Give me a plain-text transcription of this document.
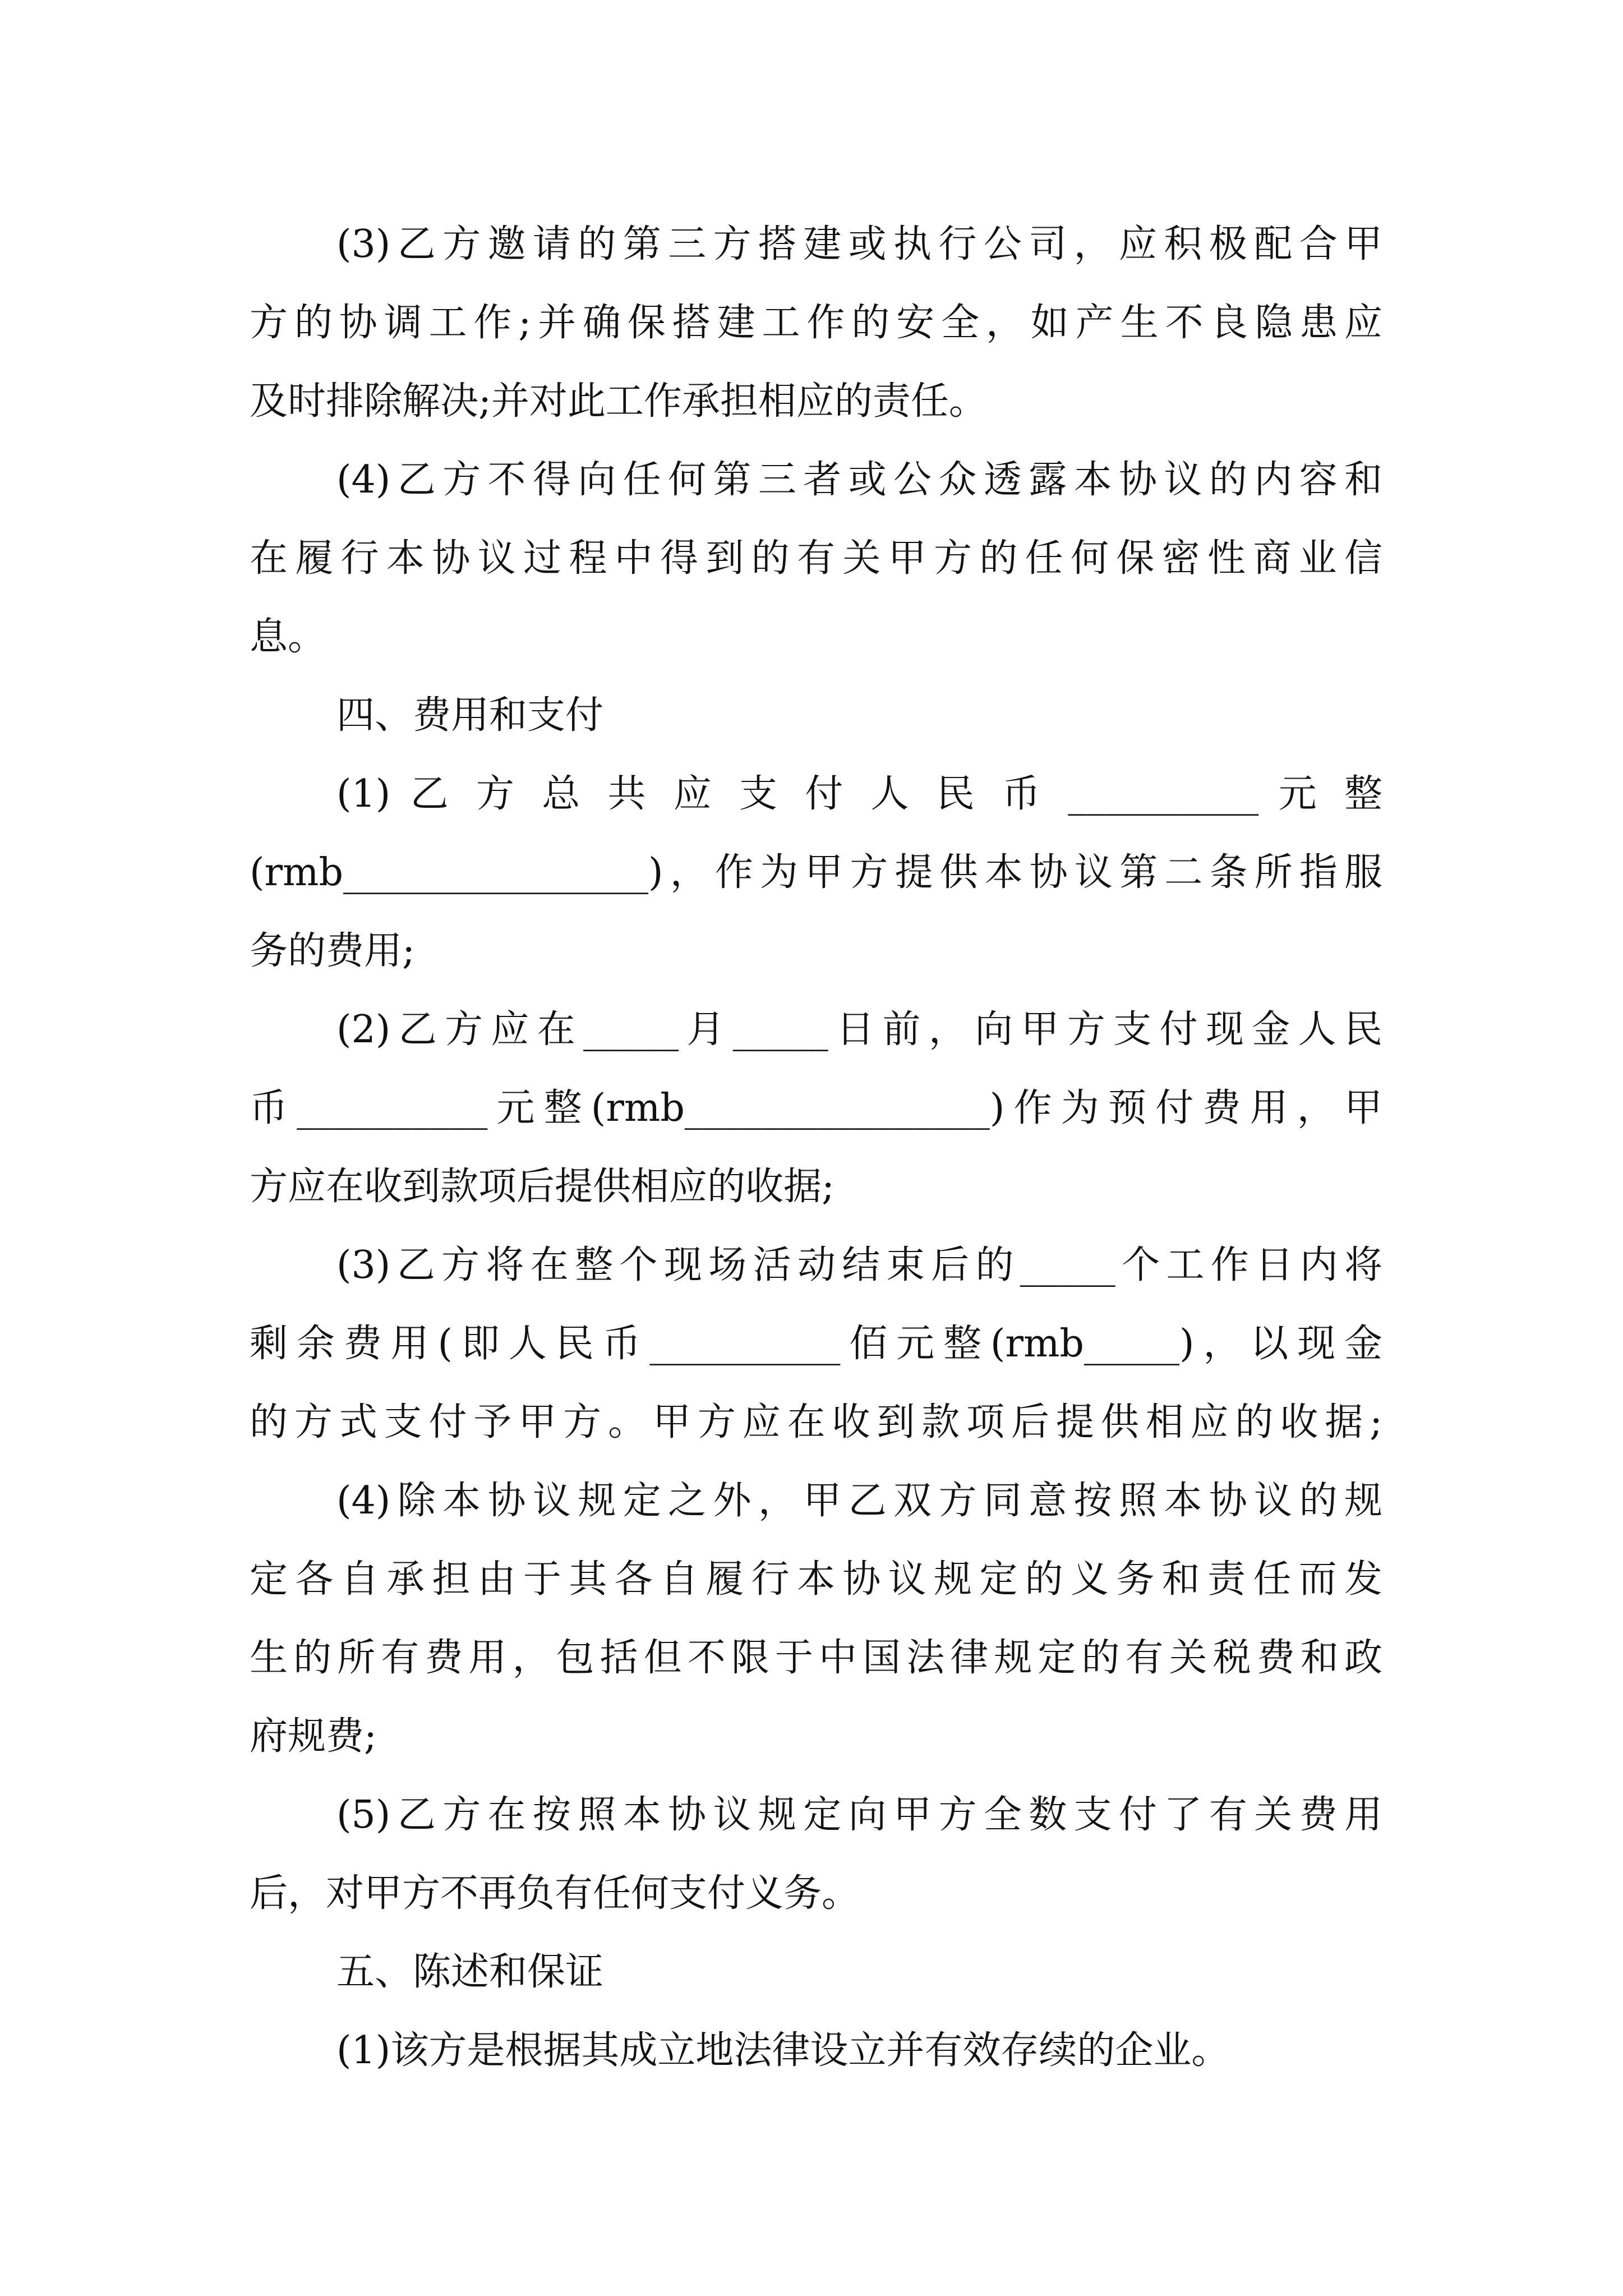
(3)乙方邀请的第三方搭建或执行公司，应积极配合甲
方的协调工作;并确保搭建工作的安全，如产生不良隐患应
及时排除解决;并对此工作承担相应的责任。
(4)乙方不得向任何第三者或公众透露本协议的内容和
在履行本协议过程中得到的有关甲方的任何保密性商业信
息。
四、费用和支付
(1) 乙 方 总 共 应 支 付 人 民 币 __________ 元 整
(rmb________________)，作为甲方提供本协议第二条所指服
务的费用;
(2)乙方应在_____月_____日前，向甲方支付现金人民
币__________元整(rmb________________)作为预付费用，甲
方应在收到款项后提供相应的收据;
(3)乙方将在整个现场活动结束后的_____个工作日内将
剩余费用(即人民币__________佰元整(rmb_____)，以现金
的方式支付予甲方。甲方应在收到款项后提供相应的收据;
(4)除本协议规定之外，甲乙双方同意按照本协议的规
定各自承担由于其各自履行本协议规定的义务和责任而发
生的所有费用，包括但不限于中国法律规定的有关税费和政
府规费;
(5)乙方在按照本协议规定向甲方全数支付了有关费用
后，对甲方不再负有任何支付义务。
五、陈述和保证
(1)该方是根据其成立地法律设立并有效存续的企业。
